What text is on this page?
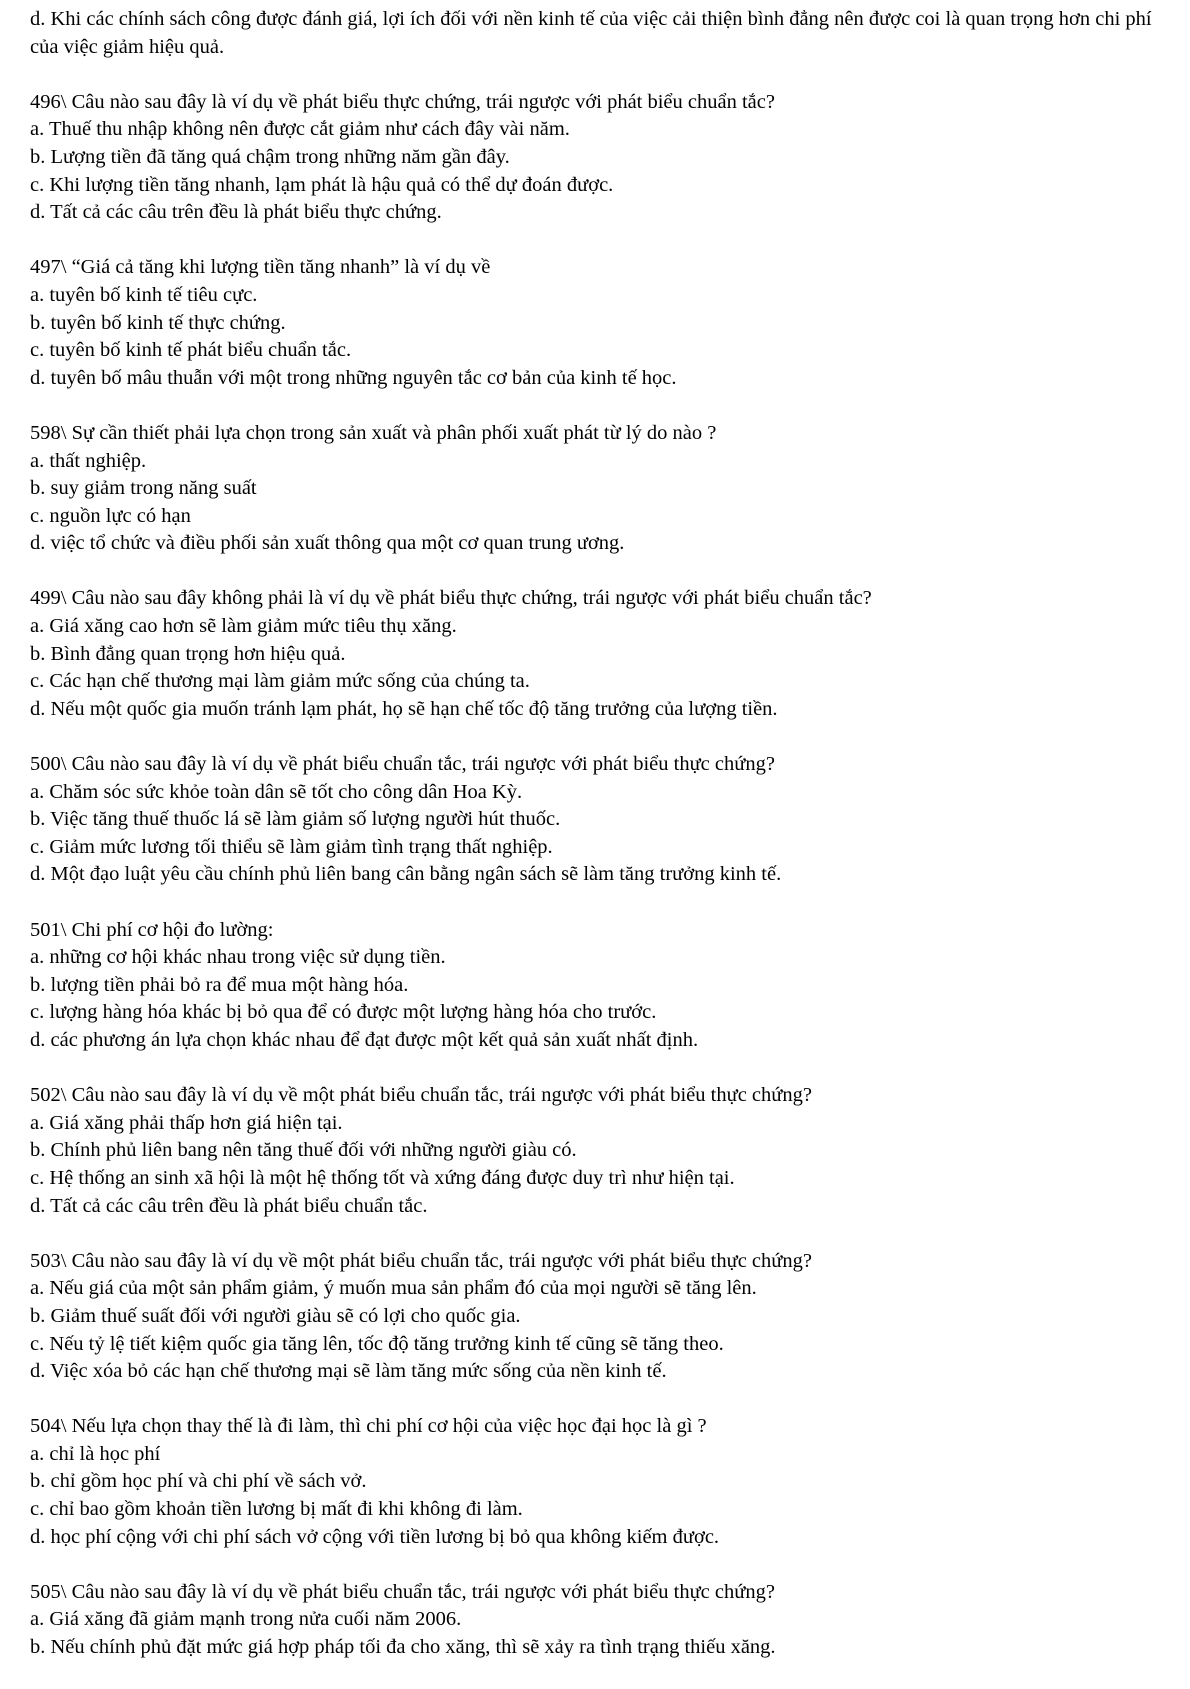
d. Khi các chính sách công được đánh giá, lợi ích đối với nền kinh tế của việc cải thiện bình đẳng nên được coi là quan trọng hơn chi phí của việc giảm hiệu quả.

496\ Câu nào sau đây là ví dụ về phát biểu thực chứng, trái ngược với phát biểu chuẩn tắc?

a. Thuế thu nhập không nên được cắt giảm như cách đây vài năm.

b. Lượng tiền đã tăng quá chậm trong những năm gần đây.

c. Khi lượng tiền tăng nhanh, lạm phát là hậu quả có thể dự đoán được.

d. Tất cả các câu trên đều là phát biểu thực chứng.

497\ “Giá cả tăng khi lượng tiền tăng nhanh” là ví dụ về

a. tuyên bố kinh tế tiêu cực.

b. tuyên bố kinh tế thực chứng.

c. tuyên bố kinh tế phát biểu chuẩn tắc.

d. tuyên bố mâu thuẫn với một trong những nguyên tắc cơ bản của kinh tế học.

598\ Sự cần thiết phải lựa chọn trong sản xuất và phân phối xuất phát từ lý do nào ?

a. thất nghiệp.

b. suy giảm trong năng suất

c. nguồn lực có hạn

d. việc tổ chức và điều phối sản xuất thông qua một cơ quan trung ương.

499\ Câu nào sau đây không phải là ví dụ về phát biểu thực chứng, trái ngược với phát biểu chuẩn tắc?

a. Giá xăng cao hơn sẽ làm giảm mức tiêu thụ xăng.

b. Bình đẳng quan trọng hơn hiệu quả.

c. Các hạn chế thương mại làm giảm mức sống của chúng ta.

d. Nếu một quốc gia muốn tránh lạm phát, họ sẽ hạn chế tốc độ tăng trưởng của lượng tiền.

500\ Câu nào sau đây là ví dụ về phát biểu chuẩn tắc, trái ngược với phát biểu thực chứng?

a. Chăm sóc sức khỏe toàn dân sẽ tốt cho công dân Hoa Kỳ.

b. Việc tăng thuế thuốc lá sẽ làm giảm số lượng người hút thuốc.

c. Giảm mức lương tối thiểu sẽ làm giảm tình trạng thất nghiệp.

d. Một đạo luật yêu cầu chính phủ liên bang cân bằng ngân sách sẽ làm tăng trưởng kinh tế.

501\ Chi phí cơ hội đo lường:

a. những cơ hội khác nhau trong việc sử dụng tiền.

b. lượng tiền phải bỏ ra để mua một hàng hóa.

c. lượng hàng hóa khác bị bỏ qua để có được một lượng hàng hóa cho trước.

d. các phương án lựa chọn khác nhau để đạt được một kết quả sản xuất nhất định.

502\ Câu nào sau đây là ví dụ về một phát biểu chuẩn tắc, trái ngược với phát biểu thực chứng?

a. Giá xăng phải thấp hơn giá hiện tại.

b. Chính phủ liên bang nên tăng thuế đối với những người giàu có.

c. Hệ thống an sinh xã hội là một hệ thống tốt và xứng đáng được duy trì như hiện tại.

d. Tất cả các câu trên đều là phát biểu chuẩn tắc.

503\ Câu nào sau đây là ví dụ về một phát biểu chuẩn tắc, trái ngược với phát biểu thực chứng?

a. Nếu giá của một sản phẩm giảm, ý muốn mua sản phẩm đó của mọi người sẽ tăng lên.

b. Giảm thuế suất đối với người giàu sẽ có lợi cho quốc gia.

c. Nếu tỷ lệ tiết kiệm quốc gia tăng lên, tốc độ tăng trưởng kinh tế cũng sẽ tăng theo.

d. Việc xóa bỏ các hạn chế thương mại sẽ làm tăng mức sống của nền kinh tế.

504\ Nếu lựa chọn thay thế là đi làm, thì chi phí cơ hội của việc học đại học là gì ?

a. chỉ là học phí

b. chỉ gồm học phí và chi phí về sách vở.

c. chỉ bao gồm khoản tiền lương bị mất đi khi không đi làm.

d. học phí cộng với chi phí sách vở cộng với tiền lương bị bỏ qua không kiếm được.

505\ Câu nào sau đây là ví dụ về phát biểu chuẩn tắc, trái ngược với phát biểu thực chứng?

a. Giá xăng đã giảm mạnh trong nửa cuối năm 2006.

b. Nếu chính phủ đặt mức giá hợp pháp tối đa cho xăng, thì sẽ xảy ra tình trạng thiếu xăng.
